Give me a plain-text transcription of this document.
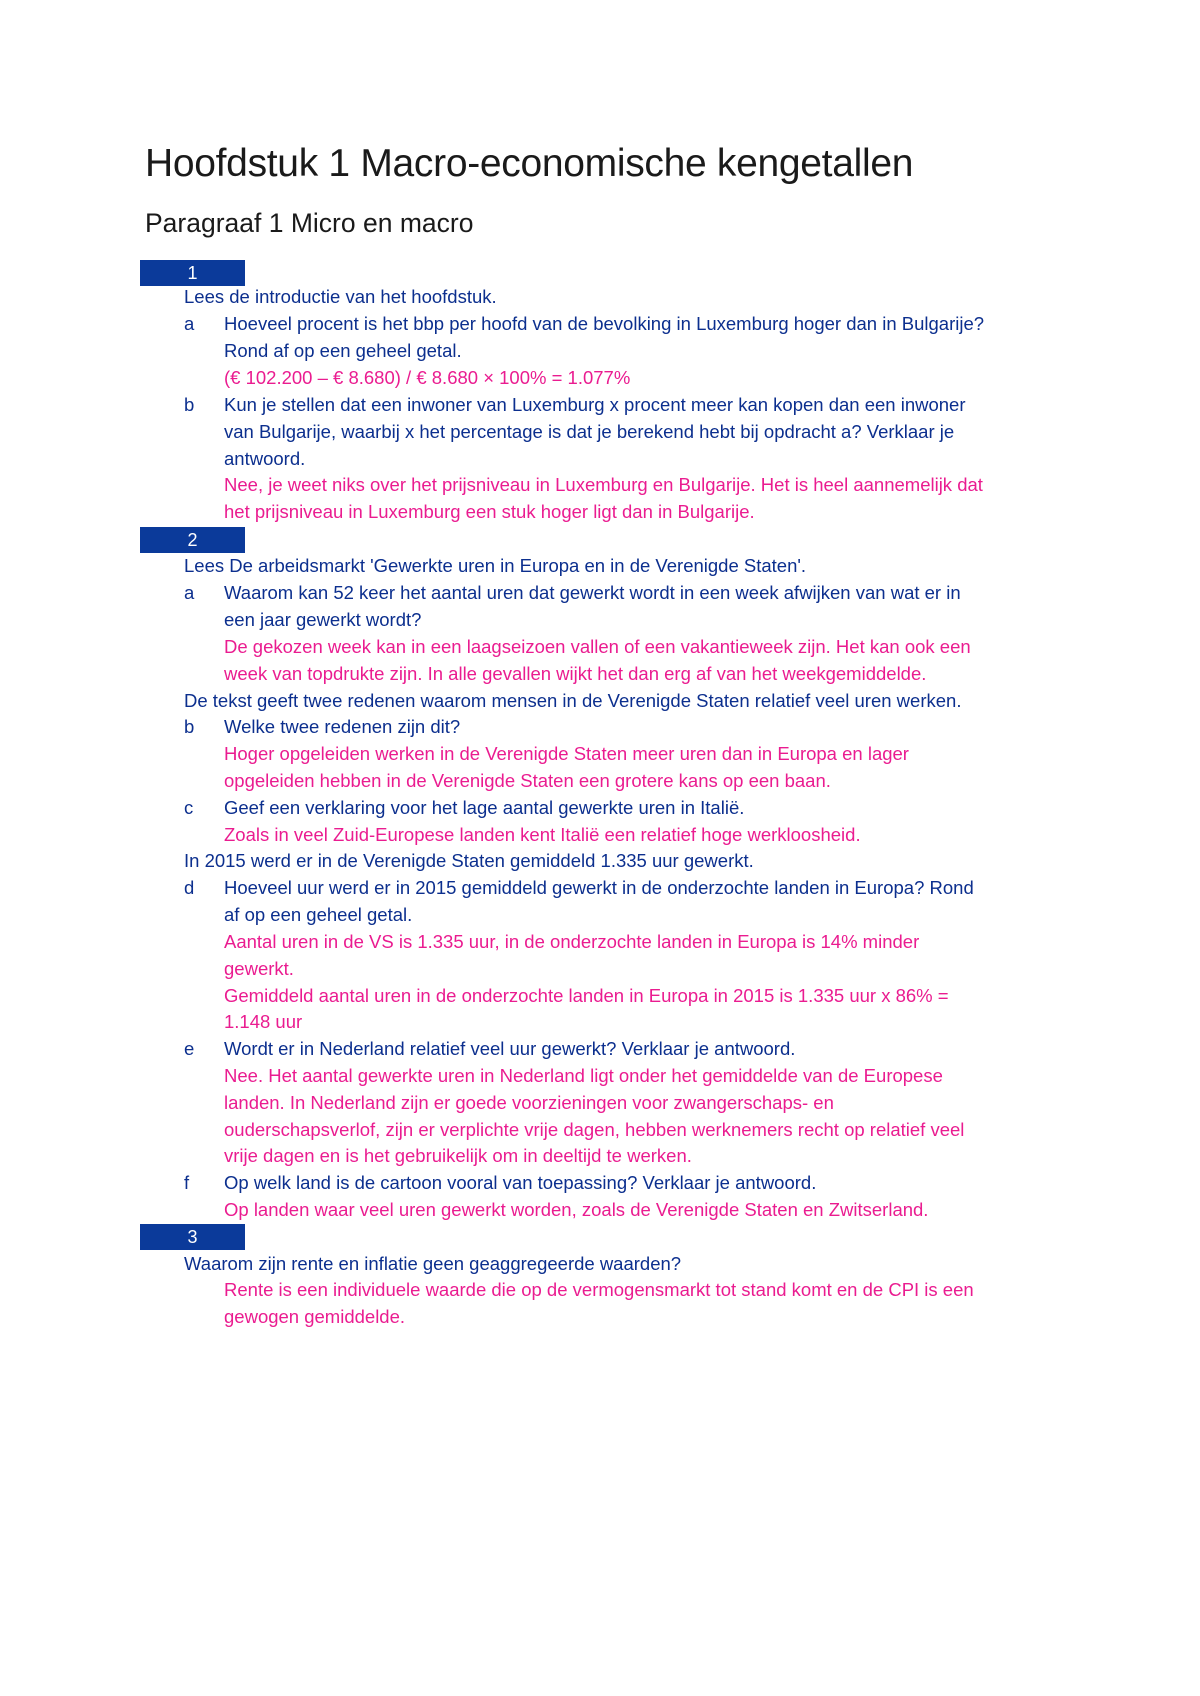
Hoofdstuk 1 Macro-economische kengetallen
Paragraaf 1 Micro en macro
1
Lees de introductie van het hoofdstuk.
a Hoeveel procent is het bbp per hoofd van de bevolking in Luxemburg hoger dan in Bulgarije?
Rond af op een geheel getal.
(€ 102.200 – € 8.680) / € 8.680 × 100% = 1.077%
b Kun je stellen dat een inwoner van Luxemburg x procent meer kan kopen dan een inwoner
van Bulgarije, waarbij x het percentage is dat je berekend hebt bij opdracht a? Verklaar je
antwoord.
Nee, je weet niks over het prijsniveau in Luxemburg en Bulgarije. Het is heel aannemelijk dat
het prijsniveau in Luxemburg een stuk hoger ligt dan in Bulgarije.
2
Lees De arbeidsmarkt 'Gewerkte uren in Europa en in de Verenigde Staten'.
a Waarom kan 52 keer het aantal uren dat gewerkt wordt in een week afwijken van wat er in
een jaar gewerkt wordt?
De gekozen week kan in een laagseizoen vallen of een vakantieweek zijn. Het kan ook een
week van topdrukte zijn. In alle gevallen wijkt het dan erg af van het weekgemiddelde.
De tekst geeft twee redenen waarom mensen in de Verenigde Staten relatief veel uren werken.
b Welke twee redenen zijn dit?
Hoger opgeleiden werken in de Verenigde Staten meer uren dan in Europa en lager
opgeleiden hebben in de Verenigde Staten een grotere kans op een baan.
c Geef een verklaring voor het lage aantal gewerkte uren in Italië.
Zoals in veel Zuid-Europese landen kent Italië een relatief hoge werkloosheid.
In 2015 werd er in de Verenigde Staten gemiddeld 1.335 uur gewerkt.
d Hoeveel uur werd er in 2015 gemiddeld gewerkt in de onderzochte landen in Europa? Rond
af op een geheel getal.
Aantal uren in de VS is 1.335 uur, in de onderzochte landen in Europa is 14% minder
gewerkt.
Gemiddeld aantal uren in de onderzochte landen in Europa in 2015 is 1.335 uur x 86% =
1.148 uur
e Wordt er in Nederland relatief veel uur gewerkt? Verklaar je antwoord.
Nee. Het aantal gewerkte uren in Nederland ligt onder het gemiddelde van de Europese
landen. In Nederland zijn er goede voorzieningen voor zwangerschaps- en
ouderschapsverlof, zijn er verplichte vrije dagen, hebben werknemers recht op relatief veel
vrije dagen en is het gebruikelijk om in deeltijd te werken.
f Op welk land is de cartoon vooral van toepassing? Verklaar je antwoord.
Op landen waar veel uren gewerkt worden, zoals de Verenigde Staten en Zwitserland.
3
Waarom zijn rente en inflatie geen geaggregeerde waarden?
Rente is een individuele waarde die op de vermogensmarkt tot stand komt en de CPI is een
gewogen gemiddelde.
